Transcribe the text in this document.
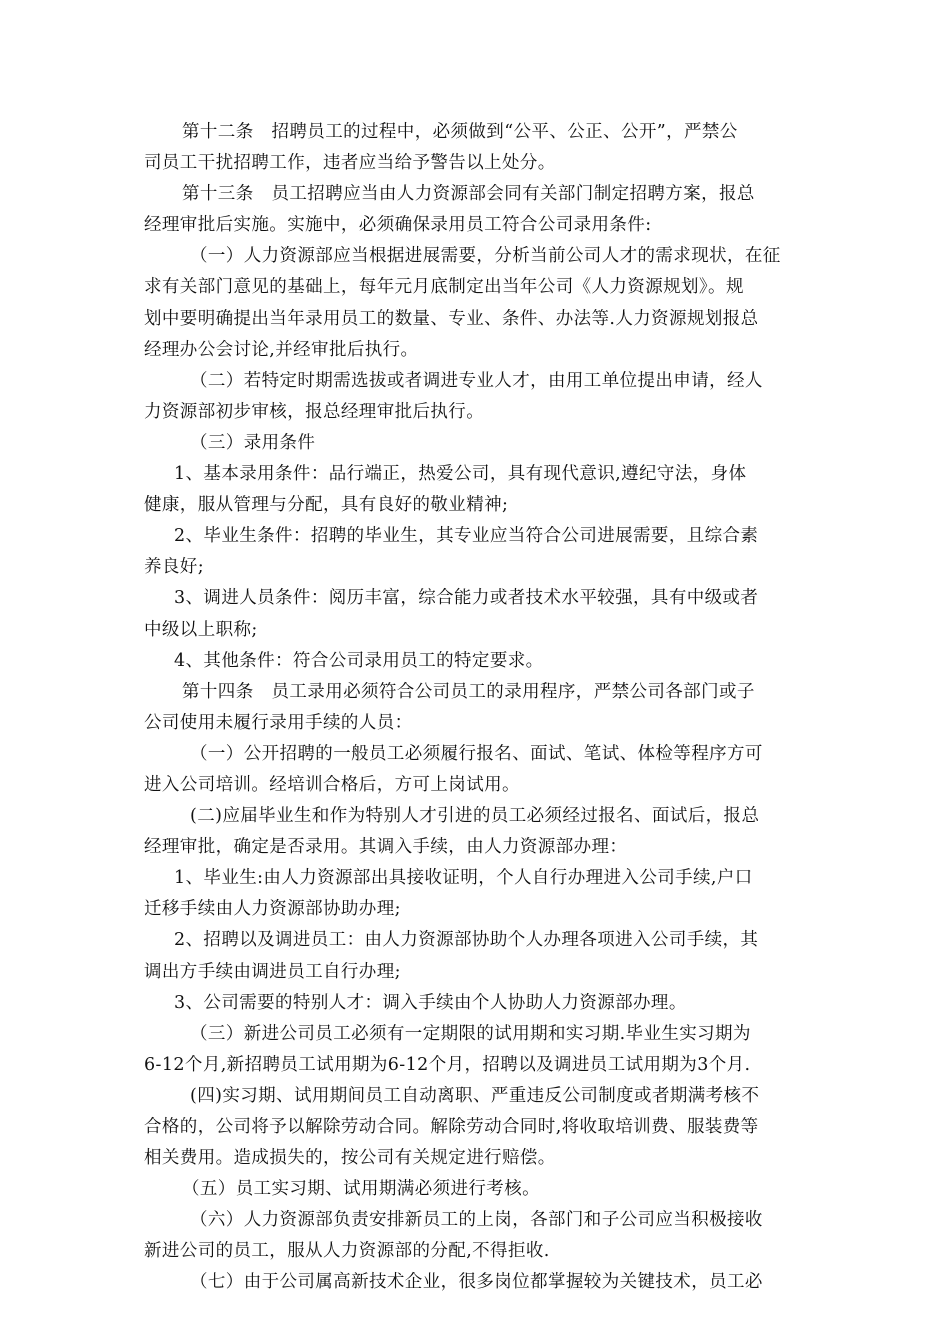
第十二条　招聘员工的过程中，必须做到“公平、公正、公开”，严禁公
司员工干扰招聘工作，违者应当给予警告以上处分。
第十三条　员工招聘应当由人力资源部会同有关部门制定招聘方案，报总
经理审批后实施。实施中，必须确保录用员工符合公司录用条件:
（一）人力资源部应当根据进展需要，分析当前公司人才的需求现状，在征
求有关部门意见的基础上，每年元月底制定出当年公司《人力资源规划》。规
划中要明确提出当年录用员工的数量、专业、条件、办法等.人力资源规划报总
经理办公会讨论,并经审批后执行。
（二）若特定时期需选拔或者调进专业人才，由用工单位提出申请，经人
力资源部初步审核，报总经理审批后执行。
（三）录用条件
1、基本录用条件：品行端正，热爱公司，具有现代意识,遵纪守法，身体
健康，服从管理与分配，具有良好的敬业精神;
2、毕业生条件：招聘的毕业生，其专业应当符合公司进展需要，且综合素
养良好;
3、调进人员条件：阅历丰富，综合能力或者技术水平较强，具有中级或者
中级以上职称;
4、其他条件：符合公司录用员工的特定要求。
第十四条　员工录用必须符合公司员工的录用程序，严禁公司各部门或子
公司使用未履行录用手续的人员：
（一）公开招聘的一般员工必须履行报名、面试、笔试、体检等程序方可
进入公司培训。经培训合格后，方可上岗试用。
(二)应届毕业生和作为特别人才引进的员工必须经过报名、面试后，报总
经理审批，确定是否录用。其调入手续，由人力资源部办理：
1、毕业生:由人力资源部出具接收证明，个人自行办理进入公司手续,户口
迁移手续由人力资源部协助办理;
2、招聘以及调进员工：由人力资源部协助个人办理各项进入公司手续，其
调出方手续由调进员工自行办理;
3、公司需要的特别人才：调入手续由个人协助人力资源部办理。
（三）新进公司员工必须有一定期限的试用期和实习期.毕业生实习期为
6-12个月,新招聘员工试用期为6-12个月，招聘以及调进员工试用期为3个月.
(四)实习期、试用期间员工自动离职、严重违反公司制度或者期满考核不
合格的，公司将予以解除劳动合同。解除劳动合同时,将收取培训费、服装费等
相关费用。造成损失的，按公司有关规定进行赔偿。
（五）员工实习期、试用期满必须进行考核。
（六）人力资源部负责安排新员工的上岗，各部门和子公司应当积极接收
新进公司的员工，服从人力资源部的分配,不得拒收.
（七）由于公司属高新技术企业，很多岗位都掌握较为关键技术，员工必
